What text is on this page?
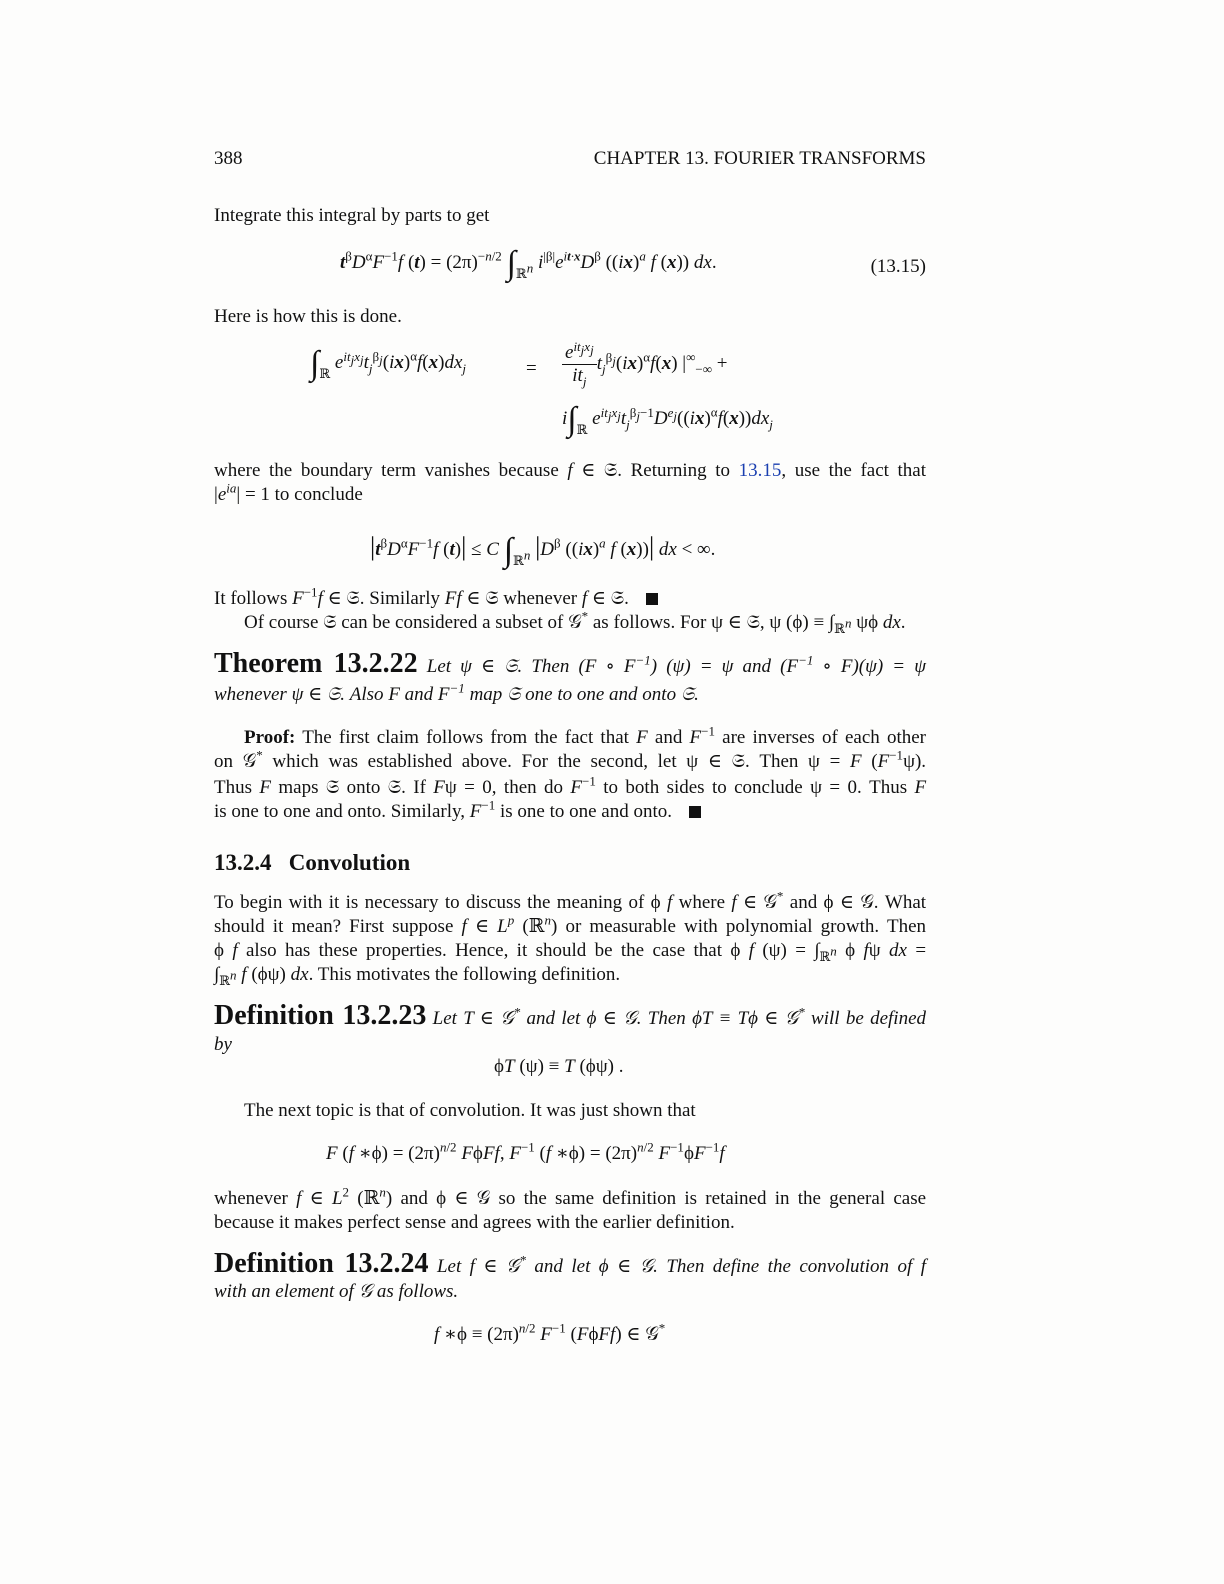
388	CHAPTER 13. FOURIER TRANSFORMS
Integrate this integral by parts to get
$t^\beta D^\alpha F^{-1}f$ $(t) = (2\pi)^{-n/2}$ $\int_{ℝ^n}$ $i^{|\beta|}e^{it\cdot x}D^\beta$ ((ix)$^a$ f (x)) dx.	(13.15)
Here is how this is done.
$\int_ℝ$ $e^{it_jx_j}t_j^{\beta_j}(ix)^\alpha f(x)dx_j$	= $\frac{e^{it_jx_j}}{it_j} t_j^{\beta_j}(ix)^\alpha f(x) |^\infty_{-\infty}$ +
$i\int_ℝ$ $e^{it_jx_j}t_j^{\beta_j-1}D^{e_j}((ix)^\alpha f(x))dx_j$
where the boundary term vanishes because f ∈ 𝔖. Returning to 13.15, use the fact that
$|e^{ia}| = 1$ to conclude
$|t^\beta D^\alpha F^{-1}f$ (t)| ≤ C $\int_{ℝ^n}$ $|D^\beta$ ((ix)$^a$ f (x))| dx < ∞.
It follows $F^{-1}f$ ∈ 𝔖. Similarly Ff ∈ 𝔖 whenever f ∈ 𝔖.
Of course 𝔖 can be considered a subset of 𝒢* as follows. For ψ ∈ 𝔖, ψ $(\phi) \equiv \int_{ℝ^n}$ ψϕ dx.
Theorem 13.2.22 Let ψ ∈ 𝔖. Then (F ∘ $F^{-1}$) (ψ) = ψ and ($F^{-1}$ ∘ F)(ψ) = ψ
whenever ψ ∈ 𝔖. Also F and $F^{-1}$ map 𝔖 one to one and onto 𝔖.
Proof: The first claim follows from the fact that F and $F^{-1}$ are inverses of each other
on 𝒢* which was established above. For the second, let ψ ∈ 𝔖. Then ψ = F $(F^{-1}\psi)$.
Thus F maps 𝔖 onto 𝔖. If Fψ = 0, then do $F^{-1}$ to both sides to conclude ψ = 0. Thus F
is one to one and onto. Similarly, $F^{-1}$ is one to one and onto.
13.2.4 Convolution
To begin with it is necessary to discuss the meaning of ϕ f where f ∈ 𝒢* and ϕ ∈ 𝒢. What
should it mean? First suppose f ∈ $L^p$ (ℝ$^n$) or measurable with polynomial growth. Then
ϕ f also has these properties. Hence, it should be the case that ϕ f $(\psi) = \int_{ℝ^n}$ ϕ fψ dx =
$\int_{ℝ^n}$ f (ϕψ) dx. This motivates the following definition.
Definition 13.2.23 Let T ∈ 𝒢* and let ϕ ∈ 𝒢. Then ϕT ≡ Tϕ ∈ 𝒢* will be defined
by
ϕT (ψ) ≡ T (ϕψ) .
The next topic is that of convolution. It was just shown that
F (f ∗ϕ) = $(2\pi)^{n/2}$ FϕFf, $F^{-1}$ (f ∗ϕ) = $(2\pi)^{n/2}$ $F^{-1}\phi F^{-1}f$
whenever f ∈ $L^2$ (ℝ$^n$) and ϕ ∈ 𝒢 so the same definition is retained in the general case
because it makes perfect sense and agrees with the earlier definition.
Definition 13.2.24 Let f ∈ 𝒢* and let ϕ ∈ 𝒢. Then define the convolution of f
with an element of 𝒢 as follows.
f ∗ϕ ≡ $(2\pi)^{n/2}$ $F^{-1}$ (FϕFf) ∈ 𝒢*
